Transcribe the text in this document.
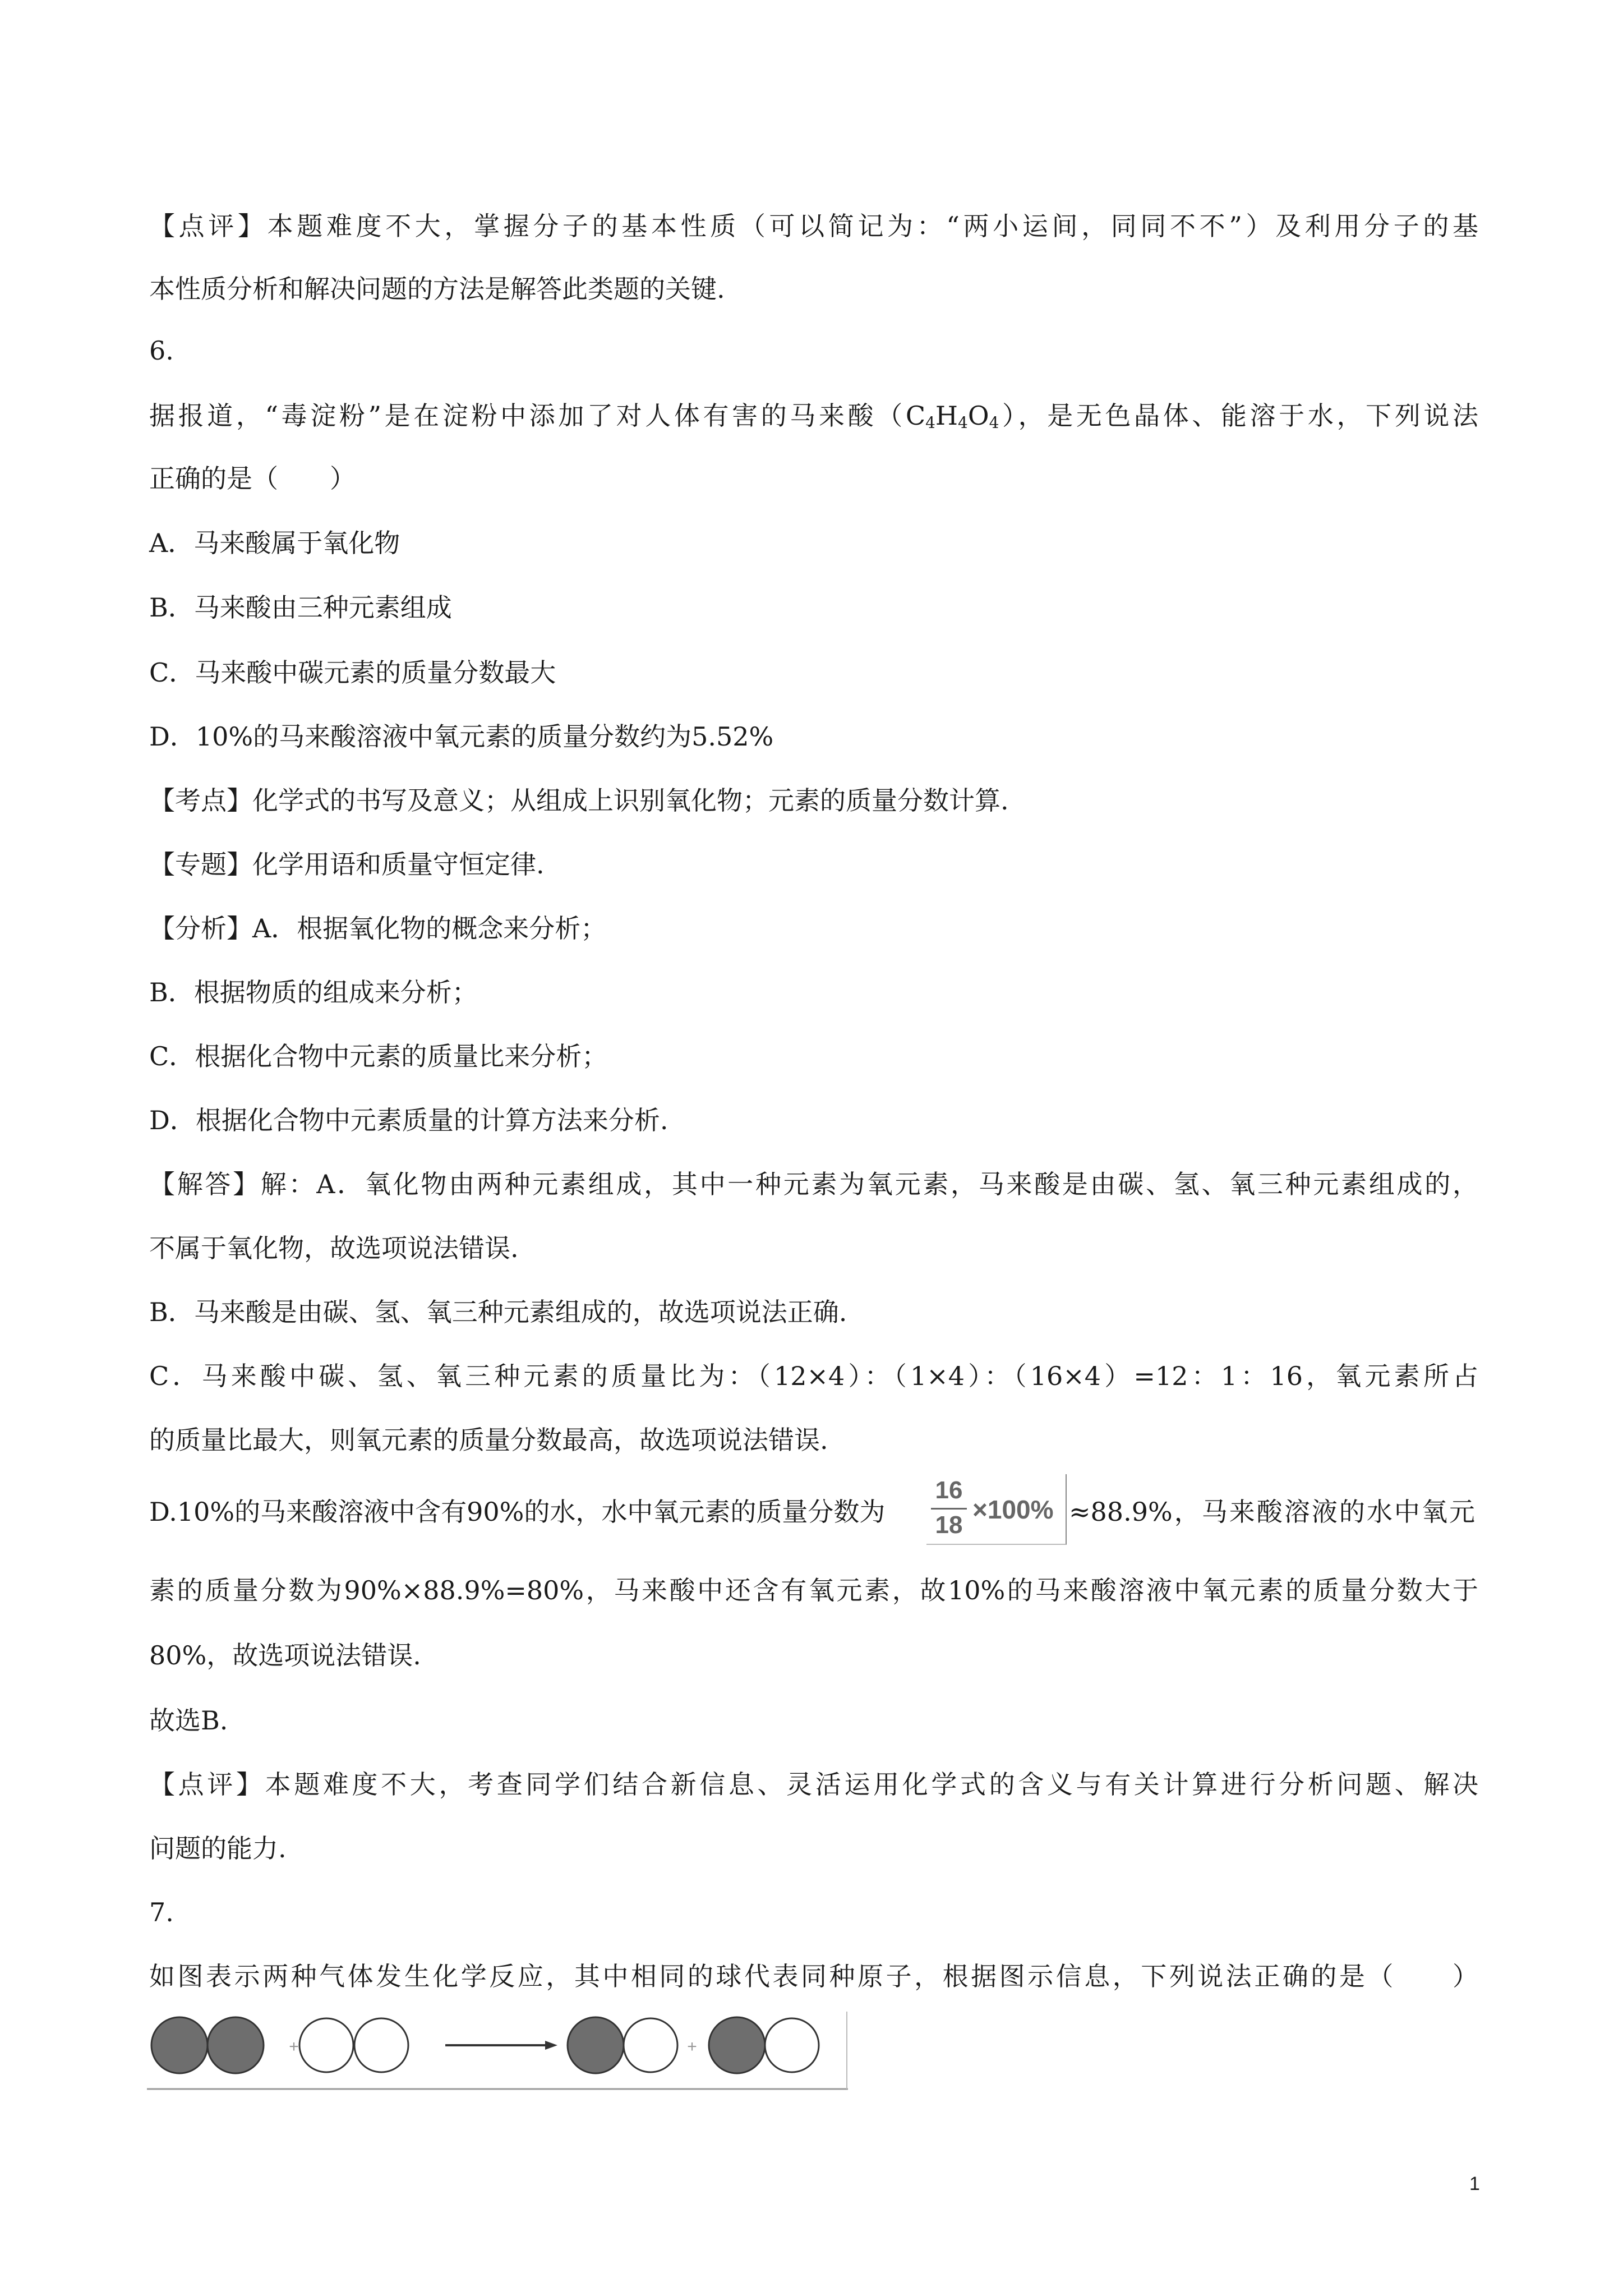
【点评】本题难度不大，掌握分子的基本性质（可以简记为：“两小运间，同同不不”）及利用分子的基
本性质分析和解决问题的方法是解答此类题的关键.
6.
据报道，“毒淀粉”是在淀粉中添加了对人体有害的马来酸$(C_4H_4O_4)$，是无色晶体、能溶于水，下列说法
正确的是（　　）
A．马来酸属于氧化物
B．马来酸由三种元素组成
C．马来酸中碳元素的质量分数最大
D．10%的马来酸溶液中氧元素的质量分数约为5.52%
【考点】化学式的书写及意义；从组成上识别氧化物；元素的质量分数计算.
【专题】化学用语和质量守恒定律.
【分析】A．根据氧化物的概念来分析；
B．根据物质的组成来分析；
C．根据化合物中元素的质量比来分析；
D．根据化合物中元素质量的计算方法来分析.
【解答】解：A．氧化物由两种元素组成，其中一种元素为氧元素，马来酸是由碳、氢、氧三种元素组成的，
不属于氧化物，故选项说法错误.
B．马来酸是由碳、氢、氧三种元素组成的，故选项说法正确.
C．马来酸中碳、氢、氧三种元素的质量比为：（12×4）：（1×4）：（16×4）=12：1：16，氧元素所占
的质量比最大，则氧元素的质量分数最高，故选项说法错误.
D.10%的马来酸溶液中含有90%的水，水中氧元素的质量分数为
16
18
×100% ≈88.9%，马来酸溶液的水中氧元
素的质量分数为90%×88.9%=80%，马来酸中还含有氧元素，故10%的马来酸溶液中氧元素的质量分数大于
80%，故选项说法错误.
故选B.
【点评】本题难度不大，考查同学们结合新信息、灵活运用化学式的含义与有关计算进行分析问题、解决
问题的能力.
7.
如图表示两种气体发生化学反应，其中相同的球代表同种原子，根据图示信息，下列说法正确的是（　　）
+	+
1
